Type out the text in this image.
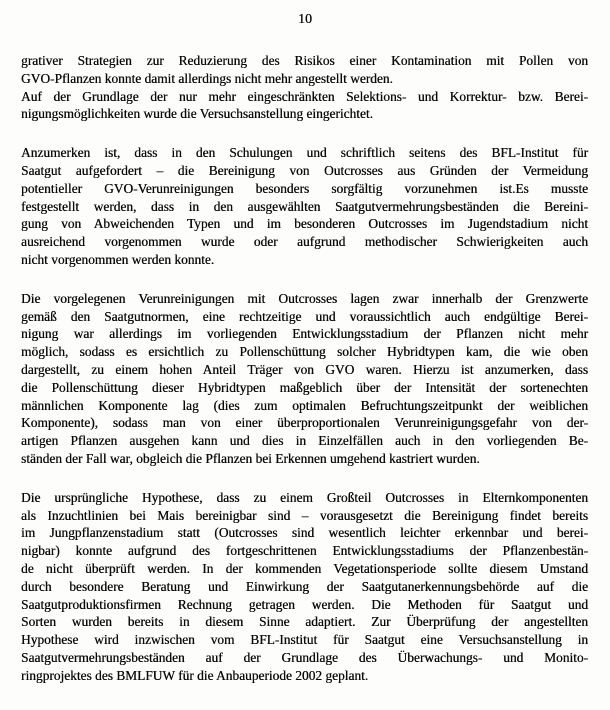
10
grativer Strategien zur Reduzierung des Risikos einer Kontamination mit Pollen von
GVO-Pflanzen konnte damit allerdings nicht mehr angestellt werden.
Auf der Grundlage der nur mehr eingeschränkten Selektions- und Korrektur- bzw. Berei-
nigungsmöglichkeiten wurde die Versuchsanstellung eingerichtet.
Anzumerken ist, dass in den Schulungen und schriftlich seitens des BFL-Institut für
Saatgut aufgefordert – die Bereinigung von Outcrosses aus Gründen der Vermeidung
potentieller GVO-Verunreinigungen besonders sorgfältig vorzunehmen ist.Es musste
festgestellt werden, dass in den ausgewählten Saatgutvermehrungsbeständen die Bereini-
gung von Abweichenden Typen und im besonderen Outcrosses im Jugendstadium nicht
ausreichend vorgenommen wurde oder aufgrund methodischer Schwierigkeiten auch
nicht vorgenommen werden konnte.
Die vorgelegenen Verunreinigungen mit Outcrosses lagen zwar innerhalb der Grenzwerte
gemäß den Saatgutnormen, eine rechtzeitige und voraussichtlich auch endgültige Berei-
nigung war allerdings im vorliegenden Entwicklungsstadium der Pflanzen nicht mehr
möglich, sodass es ersichtlich zu Pollenschüttung solcher Hybridtypen kam, die wie oben
dargestellt, zu einem hohen Anteil Träger von GVO waren. Hierzu ist anzumerken, dass
die Pollenschüttung dieser Hybridtypen maßgeblich über der Intensität der sortenechten
männlichen Komponente lag (dies zum optimalen Befruchtungszeitpunkt der weiblichen
Komponente), sodass man von einer überproportionalen Verunreinigungsgefahr von der-
artigen Pflanzen ausgehen kann und dies in Einzelfällen auch in den vorliegenden Be-
ständen der Fall war, obgleich die Pflanzen bei Erkennen umgehend kastriert wurden.
Die ursprüngliche Hypothese, dass zu einem Großteil Outcrosses in Elternkomponenten
als Inzuchtlinien bei Mais bereinigbar sind – vorausgesetzt die Bereinigung findet bereits
im Jungpflanzenstadium statt (Outcrosses sind wesentlich leichter erkennbar und berei-
nigbar) konnte aufgrund des fortgeschrittenen Entwicklungsstadiums der Pflanzenbestän-
de nicht überprüft werden. In der kommenden Vegetationsperiode sollte diesem Umstand
durch besondere Beratung und Einwirkung der Saatgutanerkennungsbehörde auf die
Saatgutproduktionsfirmen Rechnung getragen werden. Die Methoden für Saatgut und
Sorten wurden bereits in diesem Sinne adaptiert. Zur Überprüfung der angestellten
Hypothese wird inzwischen vom BFL-Institut für Saatgut eine Versuchsanstellung in
Saatgutvermehrungsbeständen auf der Grundlage des Überwachungs- und Monito-
ringprojektes des BMLFUW für die Anbauperiode 2002 geplant.
